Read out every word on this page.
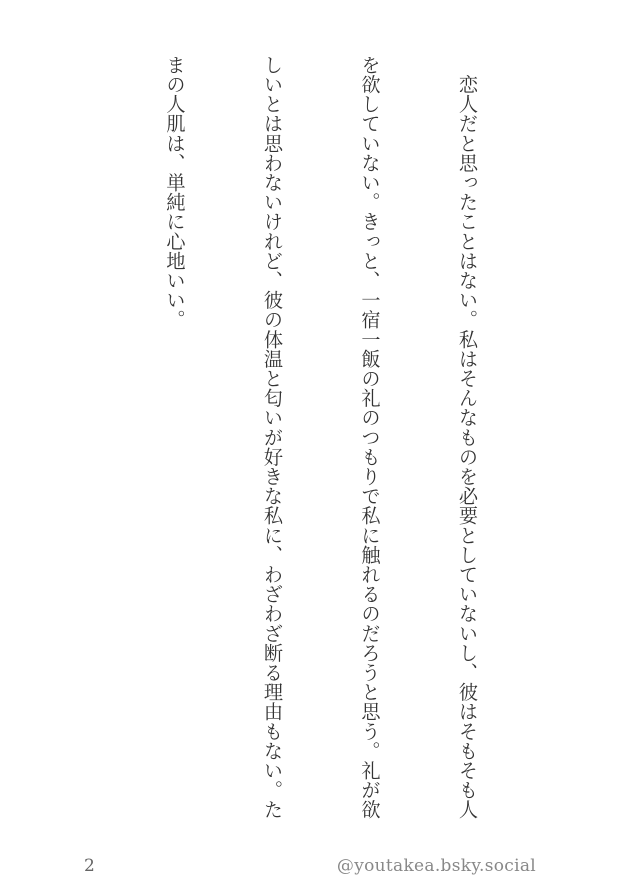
　恋人だと思ったことはない。私はそんなものを必要としていないし、彼はそもそも人

を欲していない。きっと、一宿一飯の礼のつもりで私に触れるのだろうと思う。礼が欲

しいとは思わないけれど、彼の体温と匂いが好きな私に、わざわざ断る理由もない。た

まの人肌は、単純に心地いい。

2	@youtakea.bsky.social
